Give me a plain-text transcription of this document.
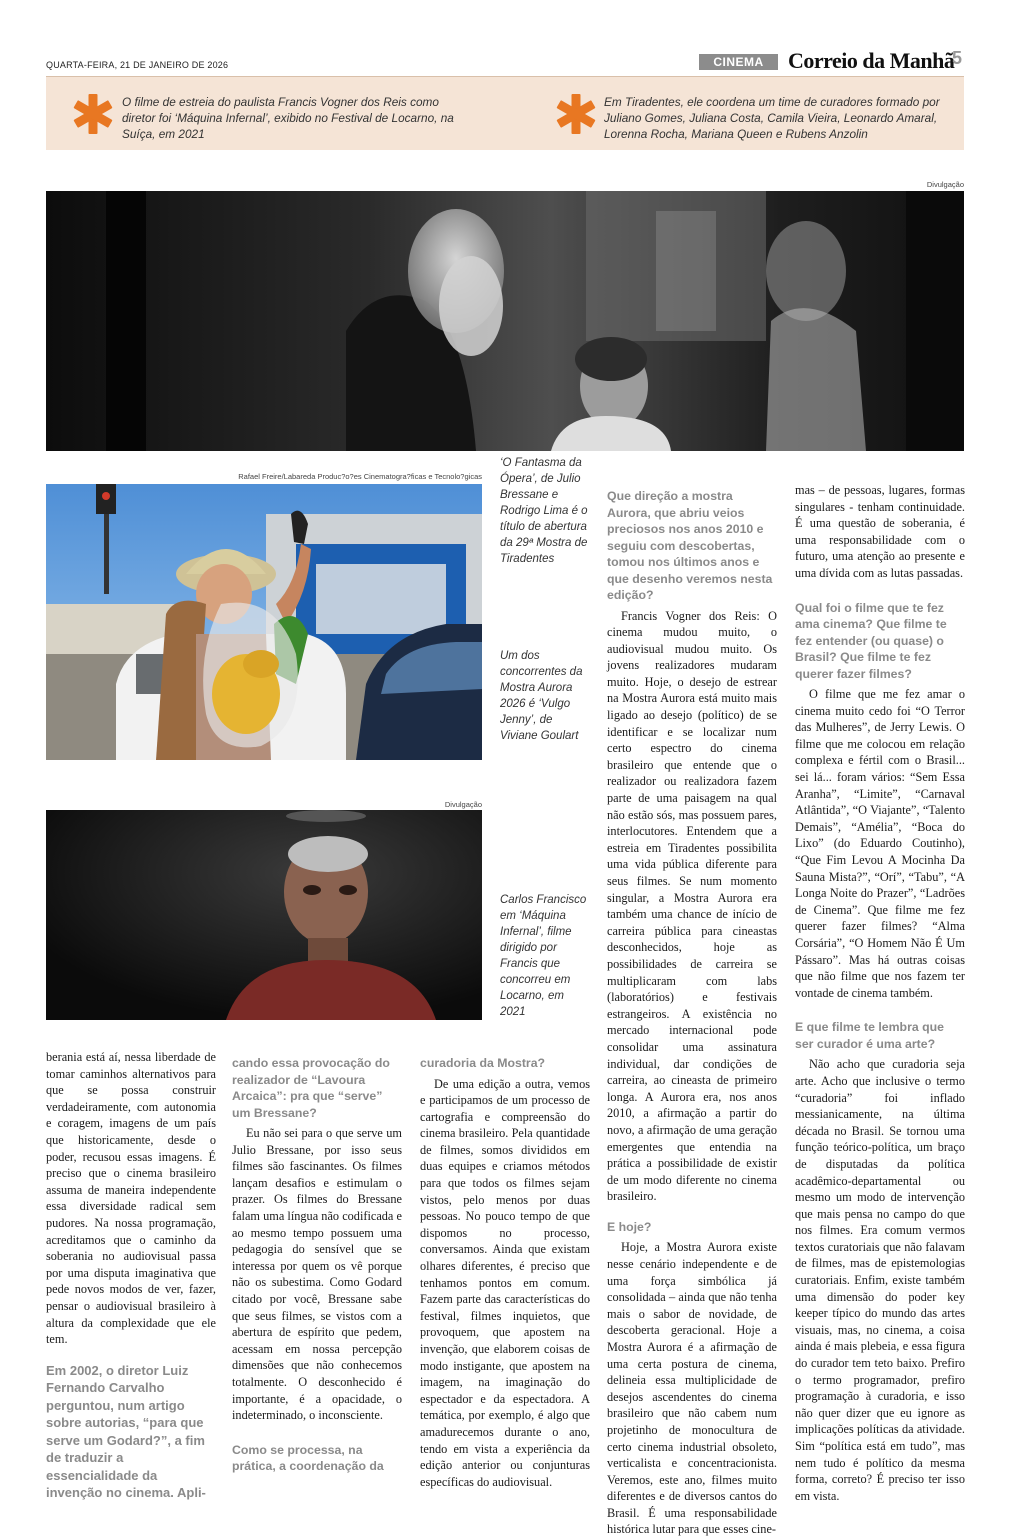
QUARTA-FEIRA, 21 DE JANEIRO DE 2026	CINEMA	Correio da Manhã
5
O filme de estreia do paulista Francis Vogner dos Reis como diretor foi ‘Máquina Infernal’, exibido no Festival de Locarno, na Suíça, em 2021
Em Tiradentes, ele coordena um time de curadores formado por Juliano Gomes, Juliana Costa, Camila Vieira, Leonardo Amaral, Lorenna Rocha, Mariana Queen e Rubens Anzolin
Divulgação
‘O Fantasma da Ópera’, de Julio Bressane e Rodrigo Lima é o título de abertura da 29ª Mostra de Tiradentes
Rafael Freire/Labareda Produc?o?es Cinematogra?ficas e Tecnolo?gicas
Um dos concorrentes da Mostra Aurora 2026 é ‘Vulgo Jenny’, de Viviane Goulart
Divulgação
Carlos Francisco em ‘Máquina Infernal’, filme dirigido por Francis que concorreu em Locarno, em 2021
Que direção a mostra Aurora, que abriu veios preciosos nos anos 2010 e seguiu com descobertas, tomou nos últimos anos e que desenho veremos nesta edição?

Francis Vogner dos Reis: O cinema mudou muito, o audiovisual mudou muito. Os jovens realizadores mudaram muito. Hoje, o desejo de estrear na Mostra Aurora está muito mais ligado ao desejo (político) de se identificar e se localizar num certo espectro do cinema brasileiro que entende que o realizador ou realizadora fazem parte de uma paisagem na qual não estão sós, mas possuem pares, interlocutores. Entendem que a estreia em Tiradentes possibilita uma vida pública diferente para seus filmes. Se num momento singular, a Mostra Aurora era também uma chance de início de carreira pública para cineastas desconhecidos, hoje as possibilidades de carreira se multiplicaram com labs (laboratórios) e festivais estrangeiros. A existência no mercado internacional pode consolidar uma assinatura individual, dar condições de carreira, ao cineasta de primeiro longa. A Aurora era, nos anos 2010, a afirmação a partir do novo, a afirmação de uma geração emergentes que entendia na prática a possibilidade de existir de um modo diferente no cinema brasileiro.

E hoje?

Hoje, a Mostra Aurora existe nesse cenário independente e de uma força simbólica já consolidada – ainda que não tenha mais o sabor de novidade, de descoberta geracional. Hoje a Mostra Aurora é a afirmação de uma certa postura de cinema, delineia essa multiplicidade de desejos ascendentes do cinema brasileiro que não cabem num projetinho de monocultura de certo cinema industrial obsoleto, verticalista e concentracionista. Veremos, este ano, filmes muito diferentes e de diversos cantos do Brasil. É uma responsabilidade histórica lutar para que esses cine-

mas – de pessoas, lugares, formas singulares - tenham continuidade. É uma questão de soberania, é uma responsabilidade com o futuro, uma atenção ao presente e uma dívida com as lutas passadas.

Qual foi o filme que te fez ama cinema? Que filme te fez entender (ou quase) o Brasil? Que filme te fez querer fazer filmes?

O filme que me fez amar o cinema muito cedo foi “O Terror das Mulheres”, de Jerry Lewis. O filme que me colocou em relação complexa e fértil com o Brasil... sei lá... foram vários: “Sem Essa Aranha”, “Limite”, “Carnaval Atlântida”, “O Viajante”, “Talento Demais”, “Amélia”, “Boca do Lixo” (do Eduardo Coutinho), “Que Fim Levou A Mocinha Da Sauna Mista?”, “Orí”, “Tabu”, “A Longa Noite do Prazer”, “Ladrões de Cinema”. Que filme me fez querer fazer filmes? “Alma Corsária”, “O Homem Não É Um Pássaro”. Mas há outras coisas que não filme que nos fazem ter vontade de cinema também.

E que filme te lembra que ser curador é uma arte?

Não acho que curadoria seja arte. Acho que inclusive o termo “curadoria” foi inflado messianicamente, na última década no Brasil. Se tornou uma função teórico-política, um braço de disputadas da política acadêmico-departamental ou mesmo um modo de intervenção que mais pensa no campo do que nos filmes. Era comum vermos textos curatoriais que não falavam de filmes, mas de epistemologias curatoriais. Enfim, existe também uma dimensão do poder key keeper típico do mundo das artes visuais, mas, no cinema, a coisa ainda é mais plebeia, e essa figura do curador tem teto baixo. Prefiro o termo programador, prefiro programação à curadoria, e isso não quer dizer que eu ignore as implicações políticas da atividade. Sim “política está em tudo”, mas nem tudo é político da mesma forma, correto? É preciso ter isso em vista.

berania está aí, nessa liberdade de tomar caminhos alternativos para que se possa construir verdadeiramente, com autonomia e coragem, imagens de um país que historicamente, desde o poder, recusou essas imagens. É preciso que o cinema brasileiro assuma de maneira independente essa diversidade radical sem pudores. Na nossa programação, acreditamos que o caminho da soberania no audiovisual passa por uma disputa imaginativa que pede novos modos de ver, fazer, pensar o audiovisual brasileiro à altura da complexidade que ele tem.

Em 2002, o diretor Luiz Fernando Carvalho perguntou, num artigo sobre autorias, “para que serve um Godard?”, a fim de traduzir a essencialidade da invenção no cinema. Apli-
cando essa provocação do realizador de “Lavoura Arcaica”: pra que “serve” um Bressane?

Eu não sei para o que serve um Julio Bressane, por isso seus filmes são fascinantes. Os filmes lançam desafios e estimulam o prazer. Os filmes do Bressane falam uma língua não codificada e ao mesmo tempo possuem uma pedagogia do sensível que se interessa por quem os vê porque não os subestima. Como Godard citado por você, Bressane sabe que seus filmes, se vistos com a abertura de espírito que pedem, acessam em nossa percepção dimensões que não conhecemos totalmente. O desconhecido é importante, é a opacidade, o indeterminado, o inconsciente.

Como se processa, na prática, a coordenação da
curadoria da Mostra?

De uma edição a outra, vemos e participamos de um processo de cartografia e compreensão do cinema brasileiro. Pela quantidade de filmes, somos divididos em duas equipes e criamos métodos para que todos os filmes sejam vistos, pelo menos por duas pessoas. No pouco tempo de que dispomos no processo, conversamos. Ainda que existam olhares diferentes, é preciso que tenhamos pontos em comum. Fazem parte das características do festival, filmes inquietos, que provoquem, que apostem na invenção, que elaborem coisas de modo instigante, que apostem na imagem, na imaginação do espectador e da espectadora. A temática, por exemplo, é algo que amadurecemos durante o ano, tendo em vista a experiência da edição anterior ou conjunturas específicas do audiovisual.
